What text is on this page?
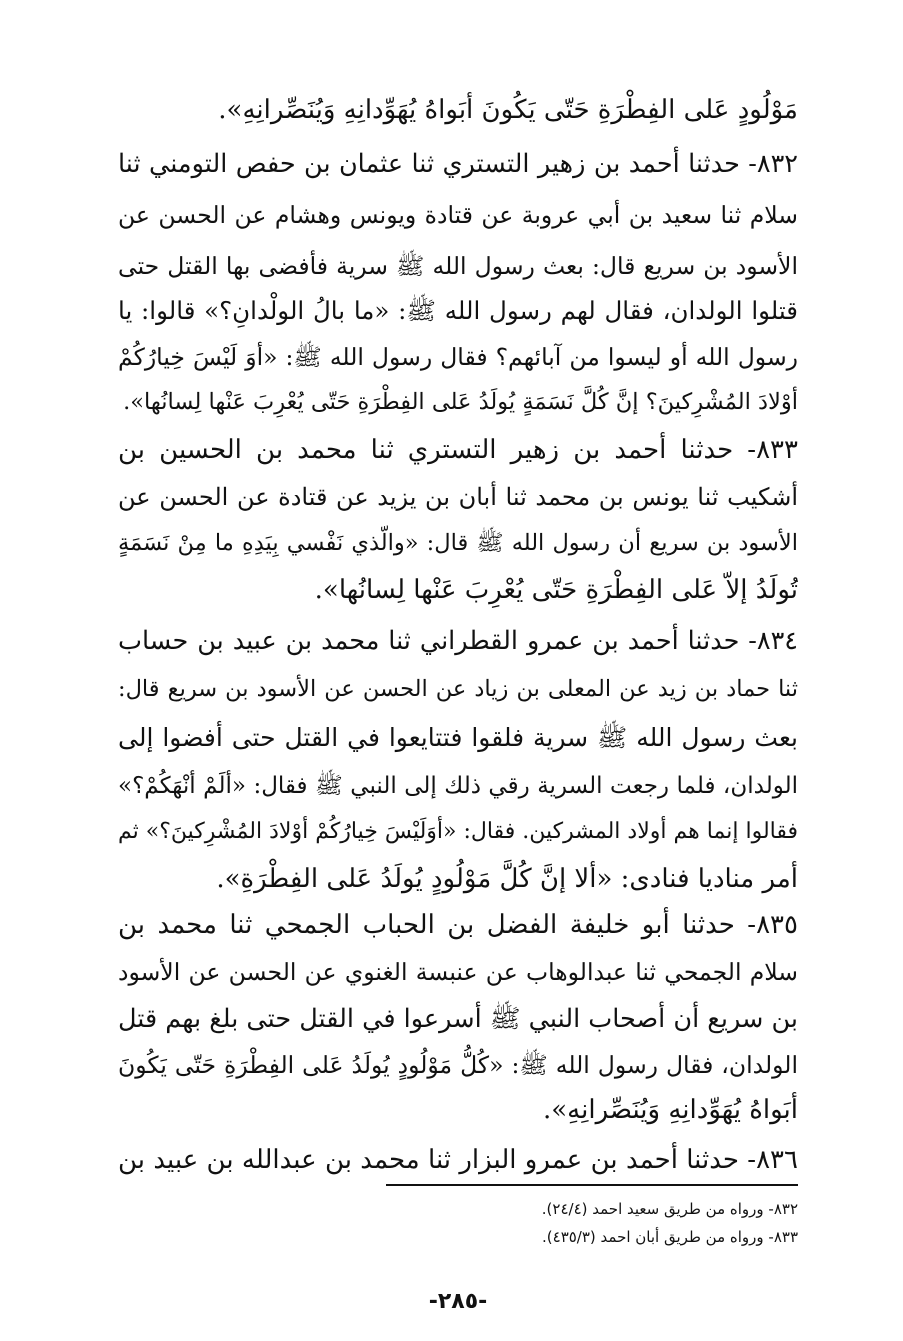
مَوْلُودٍ عَلى الفِطْرَةِ حَتّى يَكُونَ أبَواهُ يُهَوِّدانِهِ وَيُنَصِّرانِهِ».
٨٣٢- حدثنا أحمد بن زهير التستري ثنا عثمان بن حفص التومني ثنا
سلام ثنا سعيد بن أبي عروبة عن قتادة ويونس وهشام عن الحسن عن
الأسود بن سريع قال: بعث رسول الله ﷺ سرية فأفضى بها القتل حتى
قتلوا الولدان، فقال لهم رسول الله ﷺ: «ما بالُ الولْدانِ؟» قالوا: يا
رسول الله أو ليسوا من آبائهم؟ فقال رسول الله ﷺ: «أوَ لَيْسَ خِيارُكُمْ
أوْلادَ المُشْرِكينَ؟ إنَّ كُلَّ نَسَمَةٍ يُولَدُ عَلى الفِطْرَةِ حَتّى يُعْرِبَ عَنْها لِسانُها».
٨٣٣- حدثنا أحمد بن زهير التستري ثنا محمد بن الحسين بن
أشكيب ثنا يونس بن محمد ثنا أبان بن يزيد عن قتادة عن الحسن عن
الأسود بن سريع أن رسول الله ﷺ قال: «والّذي نَفْسي بِيَدِهِ ما مِنْ نَسَمَةٍ
تُولَدُ إلاّ عَلى الفِطْرَةِ حَتّى يُعْرِبَ عَنْها لِسانُها».
٨٣٤- حدثنا أحمد بن عمرو القطراني ثنا محمد بن عبيد بن حساب
ثنا حماد بن زيد عن المعلى بن زياد عن الحسن عن الأسود بن سريع قال:
بعث رسول الله ﷺ سرية فلقوا فتتايعوا في القتل حتى أفضوا إلى
الولدان، فلما رجعت السرية رقي ذلك إلى النبي ﷺ فقال: «ألَمْ أنْهَكُمْ؟»
فقالوا إنما هم أولاد المشركين. فقال: «أوَلَيْسَ خِيارُكُمْ أوْلادَ المُشْرِكينَ؟» ثم
أمر مناديا فنادى: «ألا إنَّ كُلَّ مَوْلُودٍ يُولَدُ عَلى الفِطْرَةِ».
٨٣٥- حدثنا أبو خليفة الفضل بن الحباب الجمحي ثنا محمد بن
سلام الجمحي ثنا عبدالوهاب عن عنبسة الغنوي عن الحسن عن الأسود
بن سريع أن أصحاب النبي ﷺ أسرعوا في القتل حتى بلغ بهم قتل
الولدان، فقال رسول الله ﷺ: «كُلُّ مَوْلُودٍ يُولَدُ عَلى الفِطْرَةِ حَتّى يَكُونَ
أبَواهُ يُهَوِّدانِهِ وَيُنَصِّرانِهِ».
٨٣٦- حدثنا أحمد بن عمرو البزار ثنا محمد بن عبدالله بن عبيد بن
٨٣٢- ورواه من طريق سعيد احمد (٢٤/٤).
٨٣٣- ورواه من طريق أبان احمد (٤٣٥/٣).
-٢٨٥-
